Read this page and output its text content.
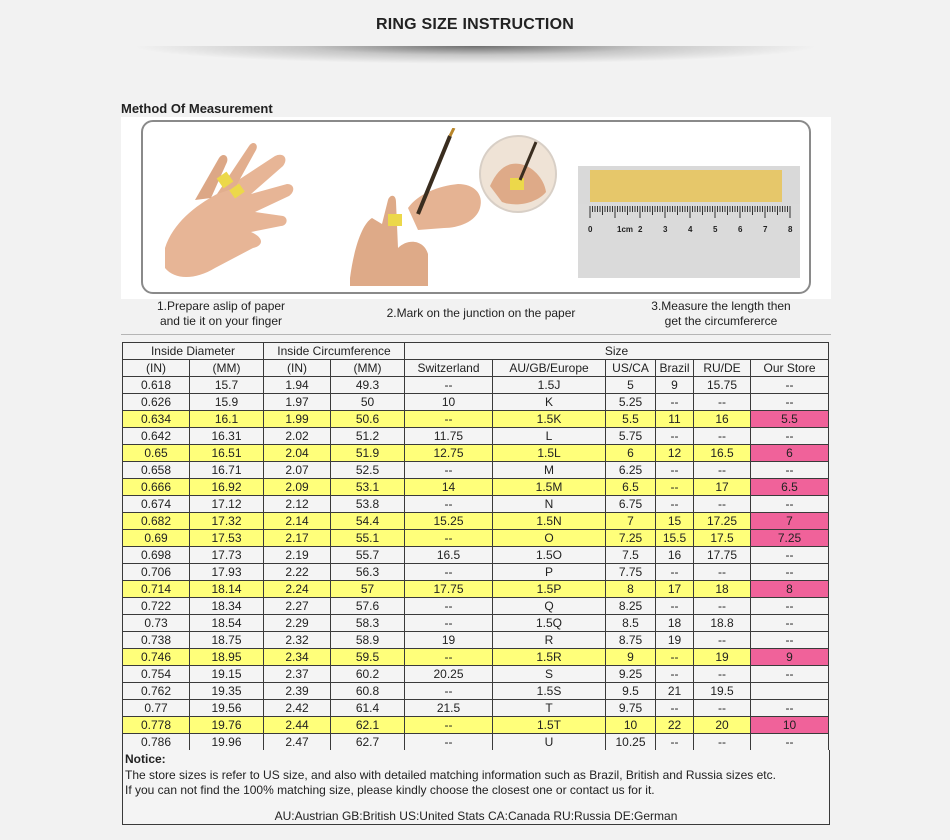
RING SIZE INSTRUCTION
Method Of Measurement
0	1cm 2	3	4	5	6	7	8
1.Prepare aslip of paper
and tie it on your finger
2.Mark on the junction on the paper	3.Measure the length then
get the circumfererce
Inside Diameter		Inside Circumference		Size					
(IN)	(MM)	(IN)	(MM)	Switzerland	AU/GB/Europe	US/CA	Brazil	RU/DE	Our Store
0.618	15.7	1.94	49.3	--	1.5J	5	9	15.75	--
0.626	15.9	1.97	50	10	K	5.25	--	--	--
0.634	16.1	1.99	50.6	--	1.5K	5.5	11	16	5.5
0.642	16.31	2.02	51.2	11.75	L	5.75	--	--	--
0.65	16.51	2.04	51.9	12.75	1.5L	6	12	16.5	6
0.658	16.71	2.07	52.5	--	M	6.25	--	--	--
0.666	16.92	2.09	53.1	14	1.5M	6.5	--	17	6.5
0.674	17.12	2.12	53.8	--	N	6.75	--	--	--
0.682	17.32	2.14	54.4	15.25	1.5N	7	15	17.25	7
0.69	17.53	2.17	55.1	--	O	7.25	15.5	17.5	7.25
0.698	17.73	2.19	55.7	16.5	1.5O	7.5	16	17.75	--
0.706	17.93	2.22	56.3	--	P	7.75	--	--	--
0.714	18.14	2.24	57	17.75	1.5P	8	17	18	8
0.722	18.34	2.27	57.6	--	Q	8.25	--	--	--
0.73	18.54	2.29	58.3	--	1.5Q	8.5	18	18.8	--
0.738	18.75	2.32	58.9	19	R	8.75	19	--	--
0.746	18.95	2.34	59.5	--	1.5R	9	--	19	9
0.754	19.15	2.37	60.2	20.25	S	9.25	--	--	--
0.762	19.35	2.39	60.8	--	1.5S	9.5	21	19.5	
0.77	19.56	2.42	61.4	21.5	T	9.75	--	--	--
0.778	19.76	2.44	62.1	--	1.5T	10	22	20	10
0.786	19.96	2.47	62.7	--	U	10.25	--	--	--
Notice:
The store sizes is refer to US size, and also with detailed matching information such as Brazil, British and Russia sizes etc.
If you can not find the 100% matching size, please kindly choose the closest one or contact us for it.
AU:Austrian GB:British US:United Stats CA:Canada RU:Russia DE:German
